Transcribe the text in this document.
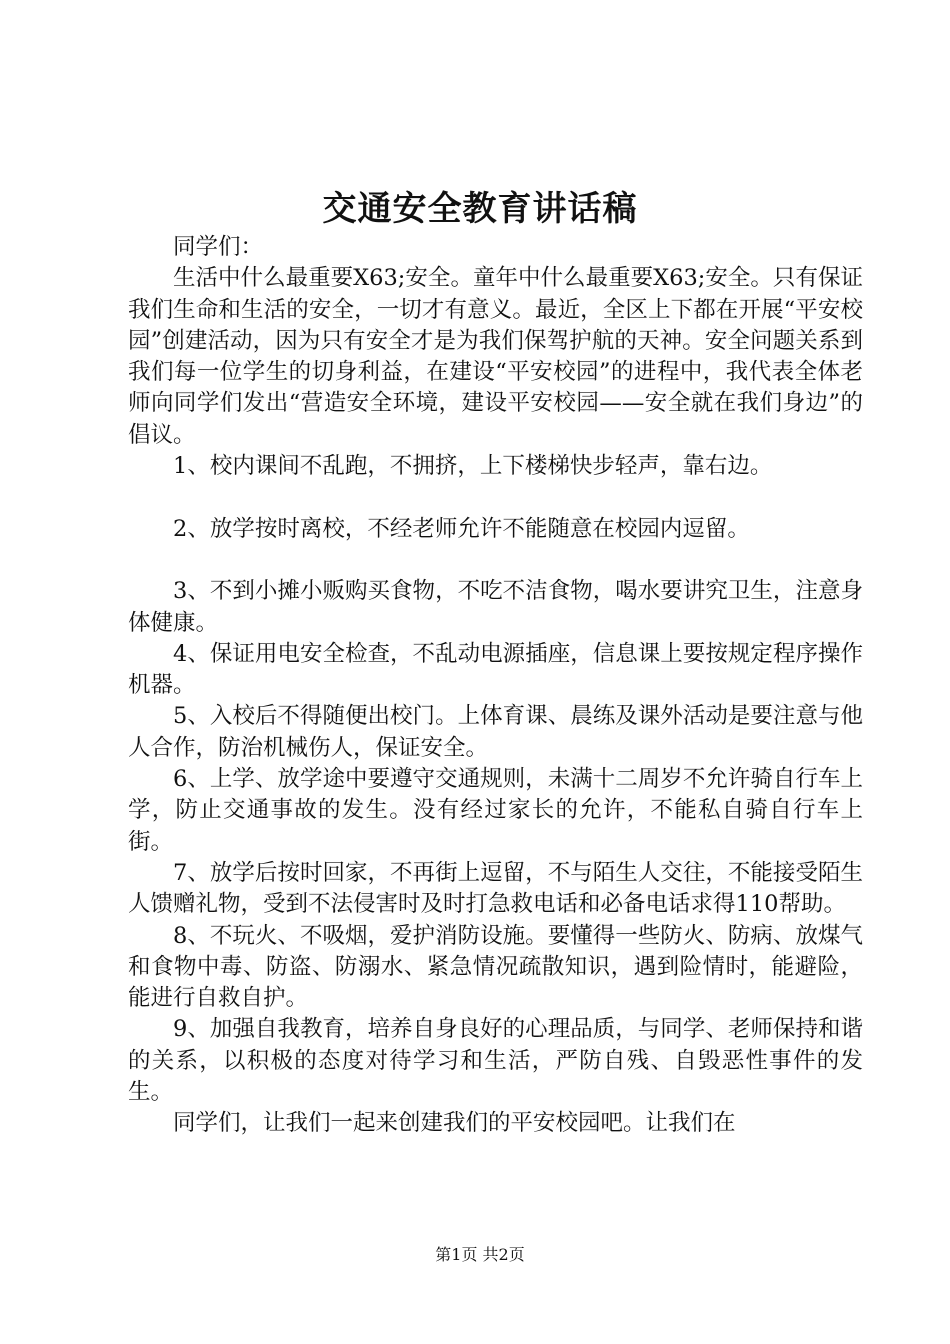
交通安全教育讲话稿

同学们：

生活中什么最重要X63;安全。童年中什么最重要X63;安全。只有保证我们生命和生活的安全，一切才有意义。最近，全区上下都在开展“平安校园”创建活动，因为只有安全才是为我们保驾护航的天神。安全问题关系到我们每一位学生的切身利益，在建设“平安校园”的进程中，我代表全体老师向同学们发出“营造安全环境，建设平安校园——安全就在我们身边”的倡议。

1、校内课间不乱跑，不拥挤，上下楼梯快步轻声，靠右边。

2、放学按时离校，不经老师允许不能随意在校园内逗留。

3、不到小摊小贩购买食物，不吃不洁食物，喝水要讲究卫生，注意身体健康。

4、保证用电安全检查，不乱动电源插座，信息课上要按规定程序操作机器。

5、入校后不得随便出校门。上体育课、晨练及课外活动是要注意与他人合作，防治机械伤人，保证安全。

6、上学、放学途中要遵守交通规则，未满十二周岁不允许骑自行车上学，防止交通事故的发生。没有经过家长的允许，不能私自骑自行车上街。

7、放学后按时回家，不再街上逗留，不与陌生人交往，不能接受陌生人馈赠礼物，受到不法侵害时及时打急救电话和必备电话求得110帮助。

8、不玩火、不吸烟，爱护消防设施。要懂得一些防火、防病、放煤气和食物中毒、防盗、防溺水、紧急情况疏散知识，遇到险情时，能避险，能进行自救自护。

9、加强自我教育，培养自身良好的心理品质，与同学、老师保持和谐的关系，以积极的态度对待学习和生活，严防自残、自毁恶性事件的发生。

同学们，让我们一起来创建我们的平安校园吧。让我们在

第1页 共2页
